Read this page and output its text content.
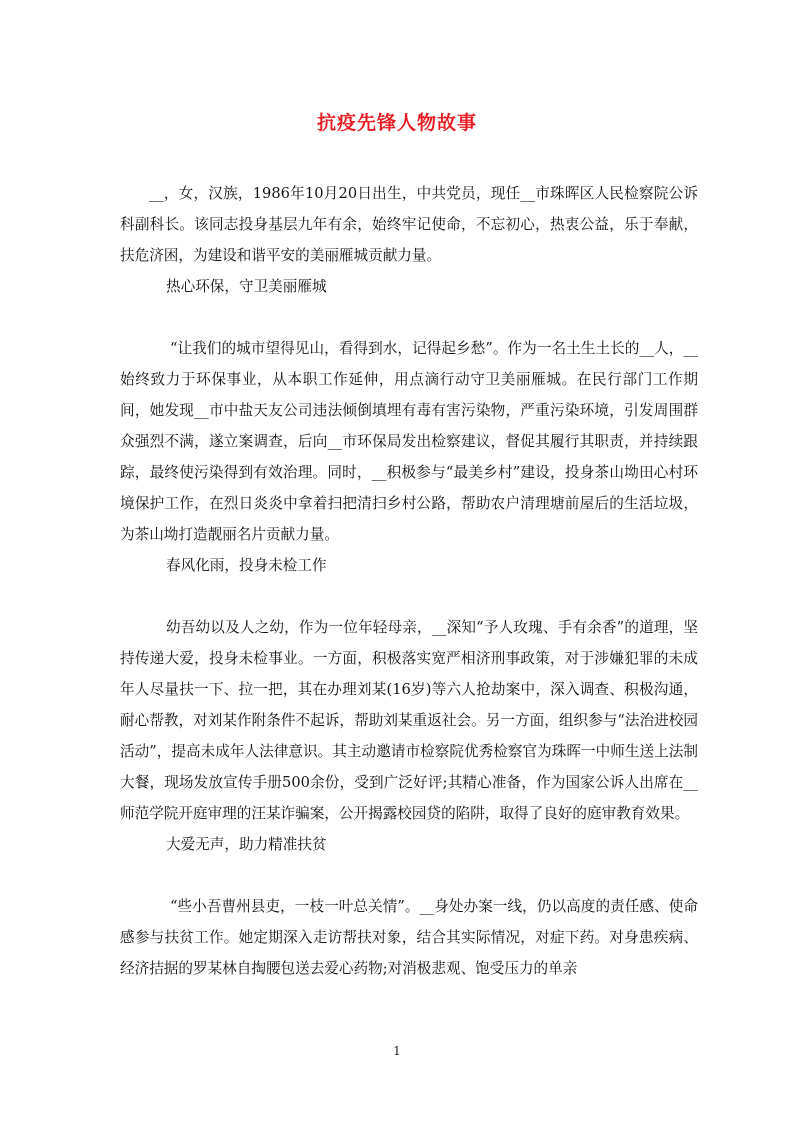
抗疫先锋人物故事

__，女，汉族，1986年10月20日出生，中共党员，现任__市珠晖区人民检察院公诉科副科长。该同志投身基层九年有余，始终牢记使命，不忘初心，热衷公益，乐于奉献，扶危济困，为建设和谐平安的美丽雁城贡献力量。

热心环保，守卫美丽雁城

“让我们的城市望得见山，看得到水，记得起乡愁”。作为一名土生土长的__人，__始终致力于环保事业，从本职工作延伸，用点滴行动守卫美丽雁城。在民行部门工作期间，她发现__市中盐天友公司违法倾倒填埋有毒有害污染物，严重污染环境，引发周围群众强烈不满，遂立案调查，后向__市环保局发出检察建议，督促其履行其职责，并持续跟踪，最终使污染得到有效治理。同时，__积极参与“最美乡村”建设，投身茶山坳田心村环境保护工作，在烈日炎炎中拿着扫把清扫乡村公路，帮助农户清理塘前屋后的生活垃圾，为茶山坳打造靓丽名片贡献力量。

春风化雨，投身未检工作

幼吾幼以及人之幼，作为一位年轻母亲，__深知“予人玫瑰、手有余香”的道理，坚持传递大爱，投身未检事业。一方面，积极落实宽严相济刑事政策，对于涉嫌犯罪的未成年人尽量扶一下、拉一把，其在办理刘某(16岁)等六人抢劫案中，深入调查、积极沟通，耐心帮教，对刘某作附条件不起诉，帮助刘某重返社会。另一方面，组织参与“法治进校园活动”，提高未成年人法律意识。其主动邀请市检察院优秀检察官为珠晖一中师生送上法制大餐，现场发放宣传手册500余份，受到广泛好评;其精心准备，作为国家公诉人出席在__师范学院开庭审理的汪某诈骗案，公开揭露校园贷的陷阱，取得了良好的庭审教育效果。

大爱无声，助力精准扶贫

“些小吾曹州县吏，一枝一叶总关情”。__身处办案一线，仍以高度的责任感、使命感参与扶贫工作。她定期深入走访帮扶对象，结合其实际情况，对症下药。对身患疾病、经济拮据的罗某林自掏腰包送去爱心药物;对消极悲观、饱受压力的单亲

1
